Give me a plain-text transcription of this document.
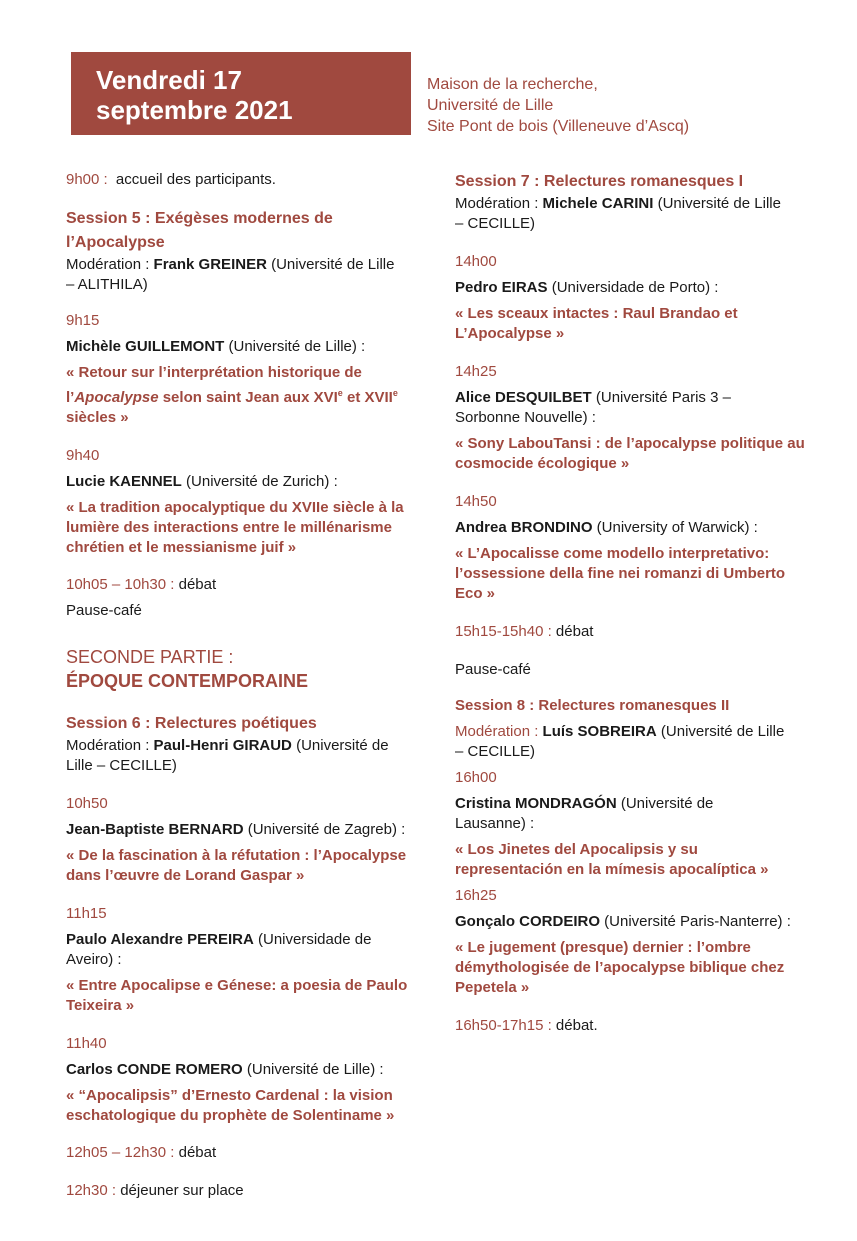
Vendredi 17
septembre 2021
Maison de la recherche,
Université de Lille
Site Pont de bois (Villeneuve d’Ascq)
9h00 : accueil des participants.
Session 5 : Exégèses modernes de
l’Apocalypse
Modération : Frank GREINER (Université de Lille
– ALITHILA)
9h15
Michèle GUILLEMONT (Université de Lille) :
« Retour sur l’interprétation historique de
l’Apocalypse selon saint Jean aux XVIe et XVIIe
siècles »
9h40
Lucie KAENNEL (Université de Zurich) :
« La tradition apocalyptique du XVIIe siècle à la
lumière des interactions entre le millénarisme
chrétien et le messianisme juif »
10h05 – 10h30 : débat
Pause-café
SECONDE PARTIE :
ÉPOQUE CONTEMPORAINE
Session 6 : Relectures poétiques
Modération : Paul-Henri GIRAUD (Université de
Lille – CECILLE)
10h50
Jean-Baptiste BERNARD (Université de Zagreb) :
« De la fascination à la réfutation : l’Apocalypse
dans l’œuvre de Lorand Gaspar »
11h15
Paulo Alexandre PEREIRA (Universidade de
Aveiro) :
« Entre Apocalipse e Génese: a poesia de Paulo
Teixeira »
11h40
Carlos CONDE ROMERO (Université de Lille) :
« “Apocalipsis” d’Ernesto Cardenal : la vision
eschatologique du prophète de Solentiname »
12h05 – 12h30 : débat
12h30 : déjeuner sur place
Session 7 : Relectures romanesques I
Modération : Michele CARINI (Université de Lille
– CECILLE)
14h00
Pedro EIRAS (Universidade de Porto) :
« Les sceaux intactes : Raul Brandao et
L’Apocalypse »
14h25
Alice DESQUILBET (Université Paris 3 –
Sorbonne Nouvelle) :
« Sony LabouTansi : de l’apocalypse politique au
cosmocide écologique »
14h50
Andrea BRONDINO (University of Warwick) :
« L’Apocalisse come modello interpretativo:
l’ossessione della fine nei romanzi di Umberto
Eco »
15h15-15h40 : débat
Pause-café
Session 8 : Relectures romanesques II
Modération : Luís SOBREIRA (Université de Lille
– CECILLE)
16h00
Cristina MONDRAGÓN (Université de
Lausanne) :
« Los Jinetes del Apocalipsis y su
representación en la mímesis apocalíptica »
16h25
Gonçalo CORDEIRO (Université Paris-Nanterre) :
« Le jugement (presque) dernier : l’ombre
démythologisée de l’apocalypse biblique chez
Pepetela »
16h50-17h15 : débat.
